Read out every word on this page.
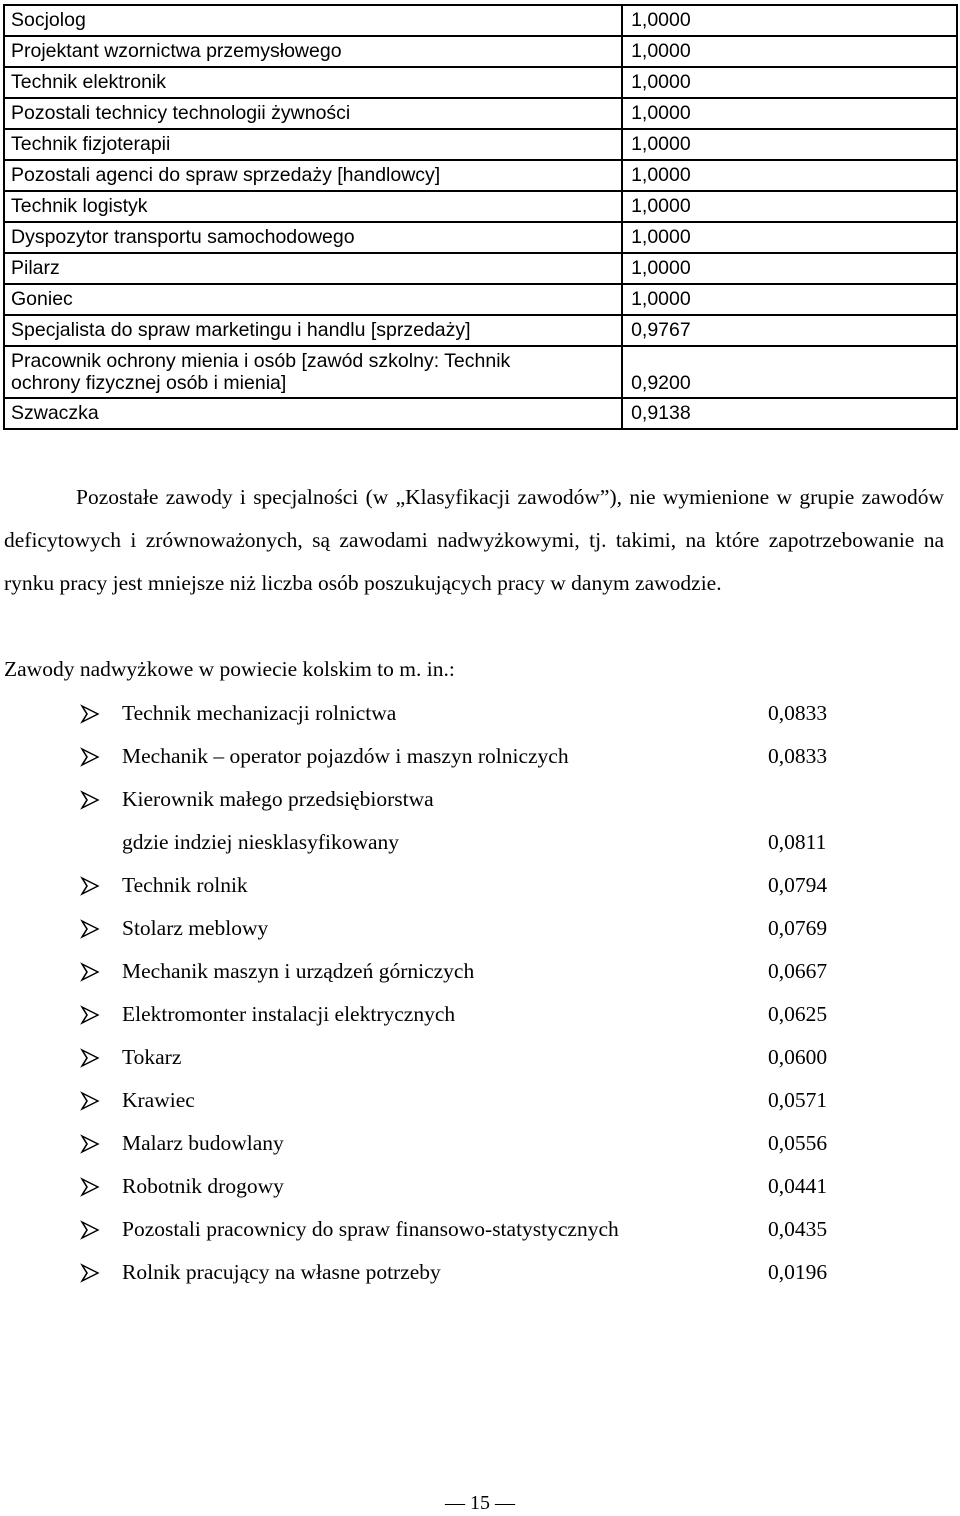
Socjolog	1,0000
Projektant wzornictwa przemysłowego	1,0000
Technik elektronik	1,0000
Pozostali technicy technologii żywności	1,0000
Technik fizjoterapii	1,0000
Pozostali agenci do spraw sprzedaży [handlowcy]	1,0000
Technik logistyk	1,0000
Dyspozytor transportu samochodowego	1,0000
Pilarz	1,0000
Goniec	1,0000
Specjalista do spraw marketingu i handlu [sprzedaży]	0,9767
Pracownik ochrony mienia i osób [zawód szkolny: Technik
ochrony fizycznej osób i mienia]	0,9200
Szwaczka	0,9138

Pozostałe zawody i specjalności (w „Klasyfikacji zawodów”), nie wymienione w grupie zawodów deficytowych i zrównoważonych, są zawodami nadwyżkowymi, tj. takimi, na które zapotrzebowanie na rynku pracy jest mniejsze niż liczba osób poszukujących pracy w danym zawodzie.

Zawody nadwyżkowe w powiecie kolskim to m. in.:
Technik mechanizacji rolnictwa	0,0833
Mechanik – operator pojazdów i maszyn rolniczych	0,0833
Kierownik małego przedsiębiorstwa
gdzie indziej niesklasyfikowany	0,0811
Technik rolnik	0,0794
Stolarz meblowy	0,0769
Mechanik maszyn i urządzeń górniczych	0,0667
Elektromonter instalacji elektrycznych	0,0625
Tokarz	0,0600
Krawiec	0,0571
Malarz budowlany	0,0556
Robotnik drogowy	0,0441
Pozostali pracownicy do spraw finansowo-statystycznych	0,0435
Rolnik pracujący na własne potrzeby	0,0196
— 15 —
